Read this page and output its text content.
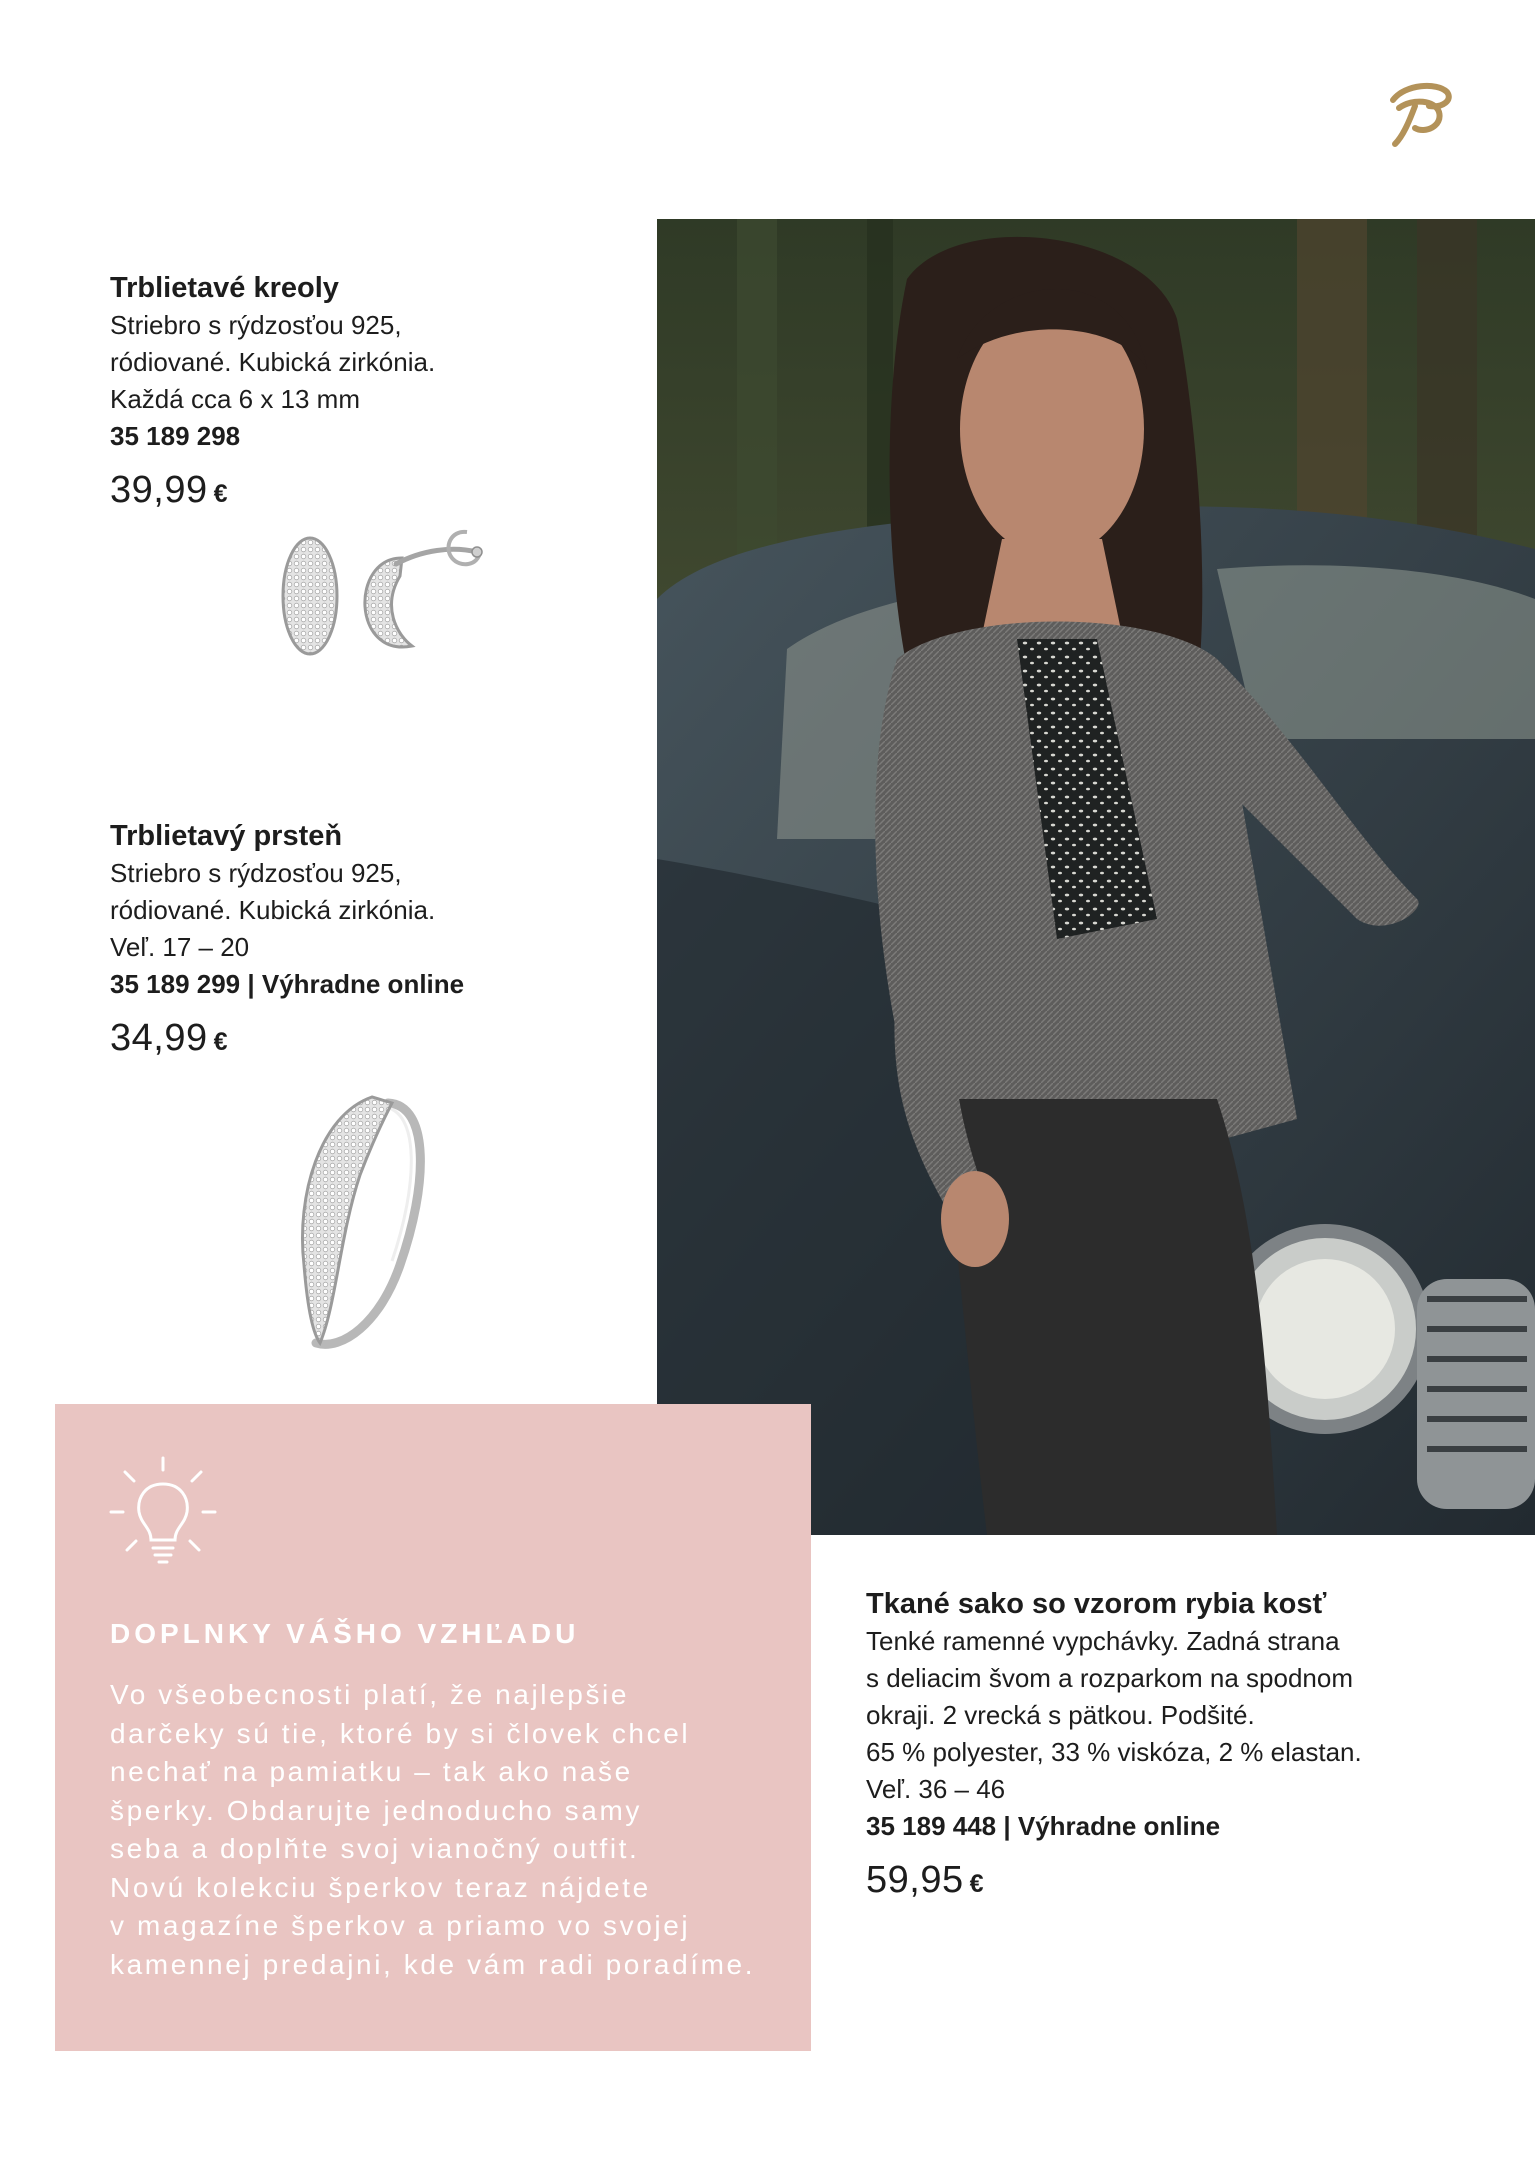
Trblietavé kreoly
Striebro s rýdzosťou 925,
ródiované. Kubická zirkónia.
Každá cca 6 x 13 mm
35 189 298
39,99 €
Trblietavý prsteň
Striebro s rýdzosťou 925,
ródiované. Kubická zirkónia.
Veľ. 17 – 20
35 189 299 | Výhradne online
34,99 €
DOPLNKY VÁŠHO VZHĽADU
Vo všeobecnosti platí, že najlepšie
darčeky sú tie, ktoré by si človek chcel
nechať na pamiatku – tak ako naše
šperky. Obdarujte jednoducho samy
seba a doplňte svoj vianočný outfit.
Novú kolekciu šperkov teraz nájdete
v magazíne šperkov a priamo vo svojej
kamennej predajni, kde vám radi poradíme.
Tkané sako so vzorom rybia kosť
Tenké ramenné vypchávky. Zadná strana
s deliacim švom a rozparkom na spodnom
okraji. 2 vrecká s pätkou. Podšité.
65 % polyester, 33 % viskóza, 2 % elastan.
Veľ. 36 – 46
35 189 448 | Výhradne online
59,95 €
